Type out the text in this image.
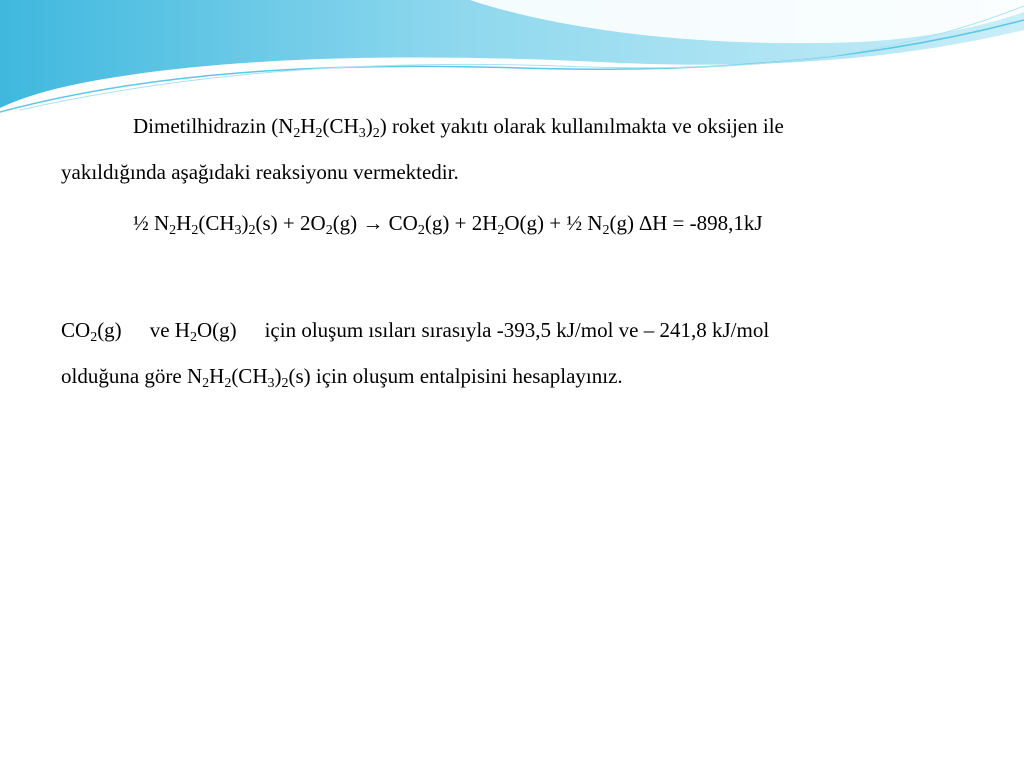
Dimetilhidrazin $(N_2H_2(CH_3)_2)$ roket yakıtı olarak kullanılmakta ve oksijen ile
yakıldığında aşağıdaki reaksiyonu vermektedir.
½ $N_2H_2(CH_3)_2(s) + 2O_2(g) \to CO_2(g) + 2H_2O(g)$ + ½ $N_2(g) \Delta H = -898,1kJ$
$CO_2(g)$ ve $H_2O(g)$ için oluşum ısıları sırasıyla -393,5 kJ/mol ve – 241,8 kJ/mol
olduğuna göre $N_2H_2(CH_3)_2(s)$ için oluşum entalpisini hesaplayınız.
